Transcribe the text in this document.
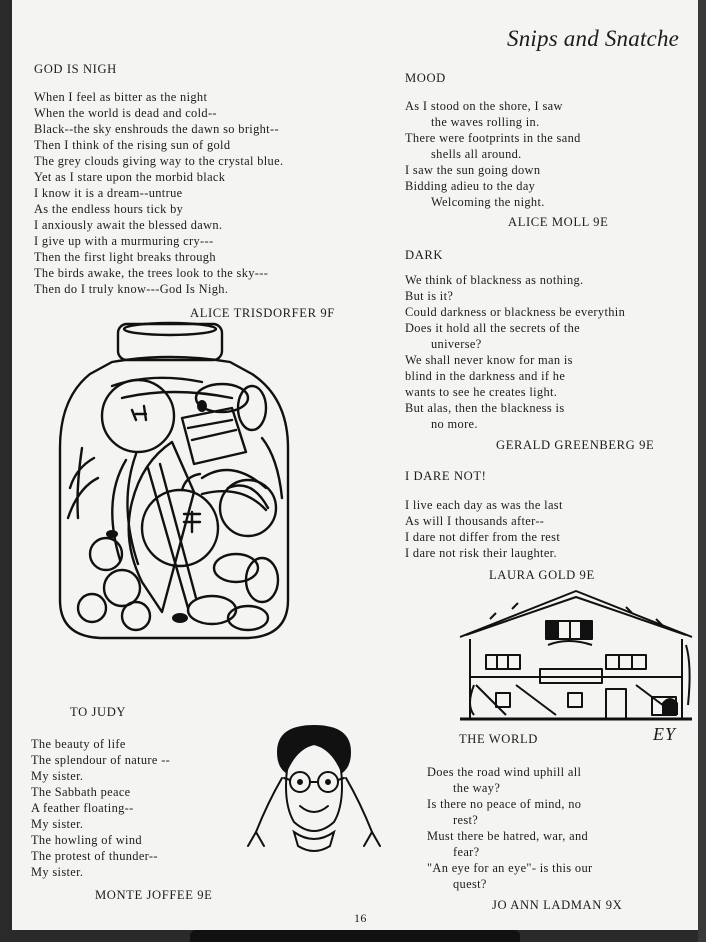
Snips and Snatche
GOD IS NIGH
When I feel as bitter as the night
When the world is dead and cold--
Black--the sky enshrouds the dawn so bright--
Then I think of the rising sun of gold
The grey clouds giving way to the crystal blue.
Yet as I stare upon the morbid black
I know it is a dream--untrue
As the endless hours tick by
I anxiously await the blessed dawn.
I give up with a murmuring cry---
Then the first light breaks through
The birds awake, the trees look to the sky---
Then do I truly know---God Is Nigh.
ALICE TRISDORFER 9F
TO JUDY
The beauty of life
The splendour of nature --
My sister.
The Sabbath peace
A feather floating--
My sister.
The howling of wind
The protest of thunder--
My sister.
MONTE JOFFEE 9E
MOOD
As I stood on the shore, I saw
the waves rolling in.
There were footprints in the sand
shells all around.
I saw the sun going down
Bidding adieu to the day
Welcoming the night.
ALICE MOLL 9E
DARK
We think of blackness as nothing.
But is it?
Could darkness or blackness be everythin
Does it hold all the secrets of the
universe?
We shall never know for man is
blind in the darkness and if he
wants to see he creates light.
But alas, then the blackness is
no more.
GERALD GREENBERG 9E
I DARE NOT!
I live each day as was the last
As will I thousands after--
I dare not differ from the rest
I dare not risk their laughter.
LAURA GOLD 9E
THE WORLD	EY
Does the road wind uphill all
the way?
Is there no peace of mind, no
rest?
Must there be hatred, war, and
fear?
"An eye for an eye"- is this our
quest?
JO ANN LADMAN 9X
16
